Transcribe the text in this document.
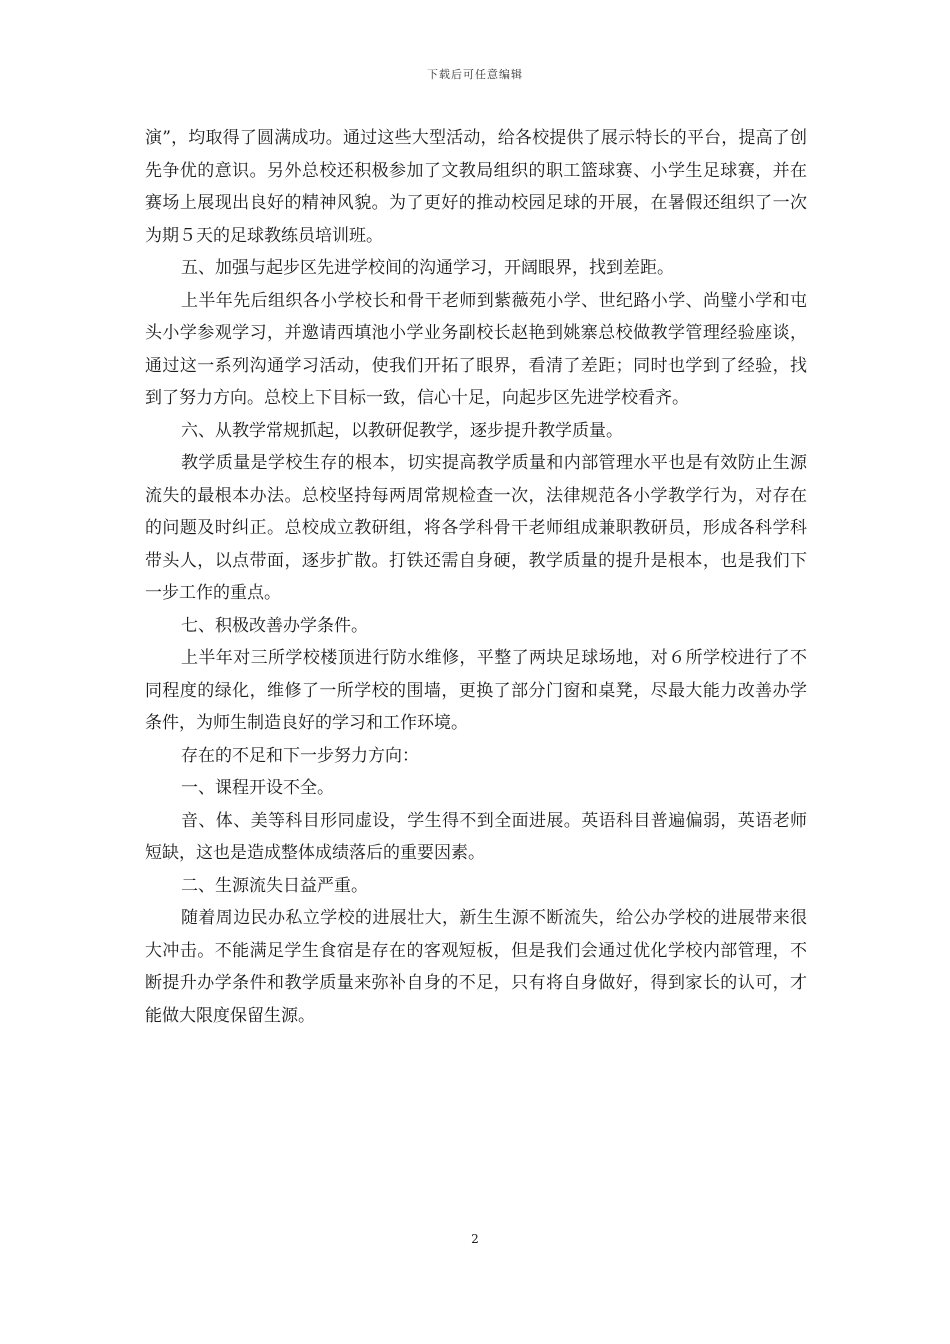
下载后可任意编辑

演”，均取得了圆满成功。通过这些大型活动，给各校提供了展示特长的平台，提高了创先争优的意识。另外总校还积极参加了文教局组织的职工篮球赛、小学生足球赛，并在赛场上展现出良好的精神风貌。为了更好的推动校园足球的开展，在暑假还组织了一次为期５天的足球教练员培训班。

五、加强与起步区先进学校间的沟通学习，开阔眼界，找到差距。

上半年先后组织各小学校长和骨干老师到紫薇苑小学、世纪路小学、尚璧小学和屯头小学参观学习，并邀请西填池小学业务副校长赵艳到姚寨总校做教学管理经验座谈，通过这一系列沟通学习活动，使我们开拓了眼界，看清了差距；同时也学到了经验，找到了努力方向。总校上下目标一致，信心十足，向起步区先进学校看齐。

六、从教学常规抓起，以教研促教学，逐步提升教学质量。

教学质量是学校生存的根本，切实提高教学质量和内部管理水平也是有效防止生源流失的最根本办法。总校坚持每两周常规检查一次，法律规范各小学教学行为，对存在的问题及时纠正。总校成立教研组，将各学科骨干老师组成兼职教研员，形成各科学科带头人，以点带面，逐步扩散。打铁还需自身硬，教学质量的提升是根本，也是我们下一步工作的重点。

七、积极改善办学条件。

上半年对三所学校楼顶进行防水维修，平整了两块足球场地，对６所学校进行了不同程度的绿化，维修了一所学校的围墙，更换了部分门窗和桌凳，尽最大能力改善办学条件，为师生制造良好的学习和工作环境。

存在的不足和下一步努力方向：

一、课程开设不全。

音、体、美等科目形同虚设，学生得不到全面进展。英语科目普遍偏弱，英语老师短缺，这也是造成整体成绩落后的重要因素。

二、生源流失日益严重。

随着周边民办私立学校的进展壮大，新生生源不断流失，给公办学校的进展带来很大冲击。不能满足学生食宿是存在的客观短板，但是我们会通过优化学校内部管理，不断提升办学条件和教学质量来弥补自身的不足，只有将自身做好，得到家长的认可，才能做大限度保留生源。

2
